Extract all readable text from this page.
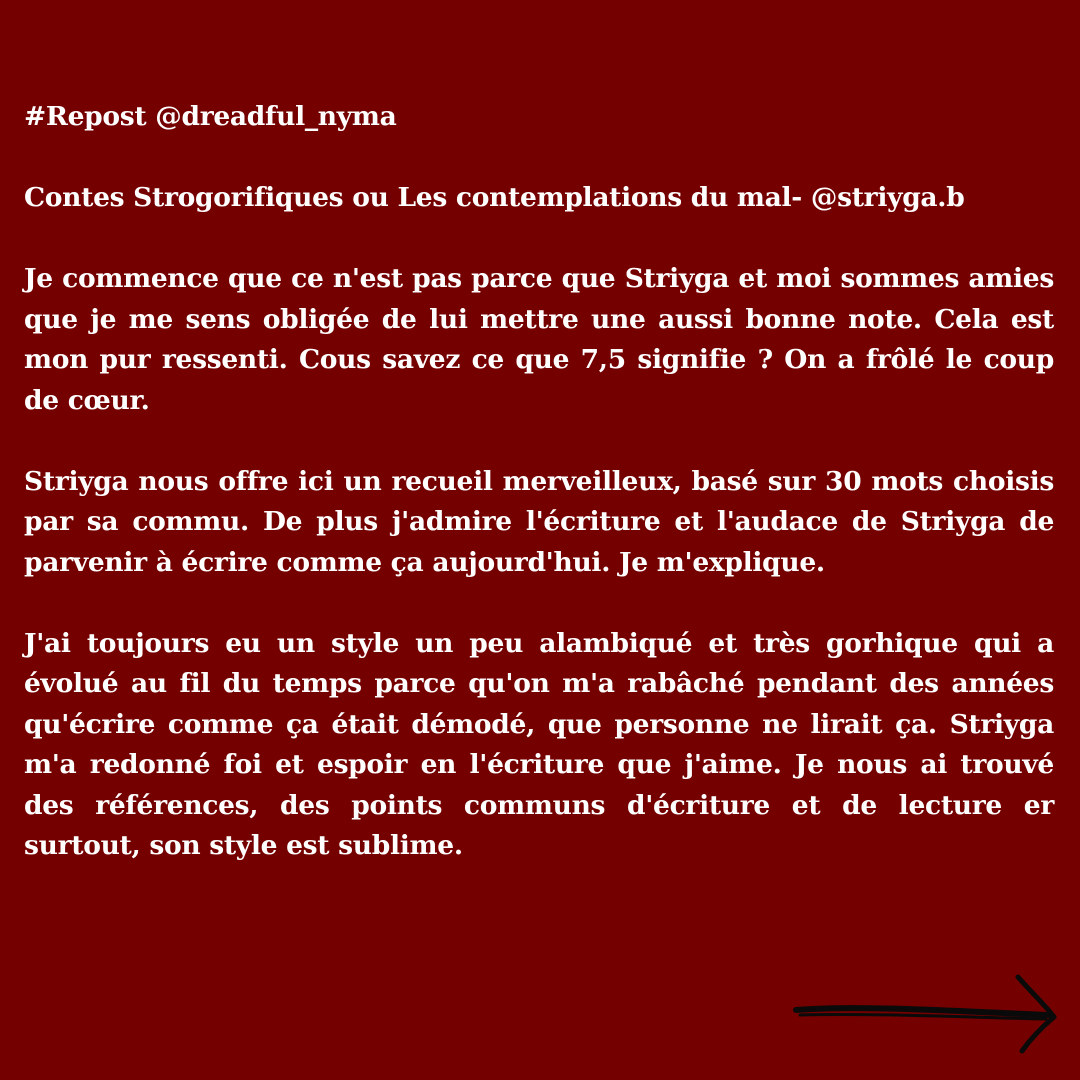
#Repost @dreadful_nyma

Contes Strogorifiques ou Les contemplations du mal- @striyga.b

Je commence que ce n'est pas parce que Striyga et moi sommes amies que je me sens obligée de lui mettre une aussi bonne note. Cela est mon pur ressenti. Cous savez ce que 7,5 signifie ? On a frôlé le coup de cœur.

Striyga nous offre ici un recueil merveilleux, basé sur 30 mots choisis par sa commu. De plus j'admire l'écriture et l'audace de Striyga de parvenir à écrire comme ça aujourd'hui. Je m'explique.

J'ai toujours eu un style un peu alambiqué et très gorhique qui a évolué au fil du temps parce qu'on m'a rabâché pendant des années qu'écrire comme ça était démodé, que personne ne lirait ça. Striyga m'a redonné foi et espoir en l'écriture que j'aime. Je nous ai trouvé des références, des points communs d'écriture et de lecture er surtout, son style est sublime.
